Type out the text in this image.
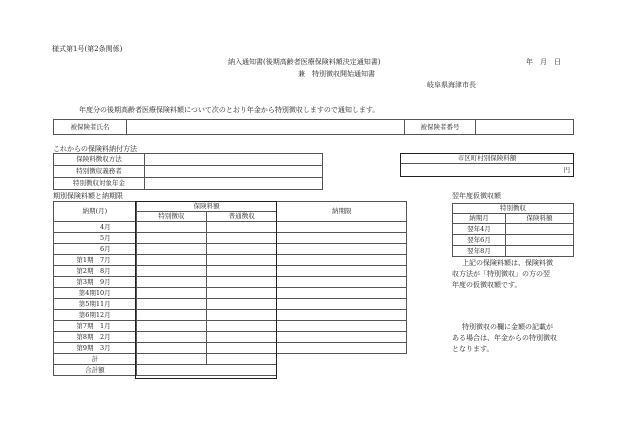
様式第1号(第2条関係)
納入通知書(後期高齢者医療保険料額決定通知書)	年　月　日
兼　特別徴収開始通知書
岐阜県海津市長
年度分の後期高齢者医療保険料額について次のとおり年金から特別徴収しますので通知します。
被保険者氏名		被保険者番号	
これからの保険料納付方法
保険料徴収方法	
特別徴収義務者	
特別徴収対象年金	
市区町村別保険料額
円
期別保険料額と納期限
納期(月)	保険料額		納期限
	特別徴収	普通徴収	
4月			
5月			
6月			
第1期　7月			
第2期　8月			
第3期　9月			
第4期10月			
第5期11月			
第6期12月			
第7期　1月			
第8期　2月			
第9期　3月			
計			
合計額			
翌年度仮徴収額
特別徴収	
納期月	保険料額
翌年4月	
翌年6月	
翌年8月	
上記の保険料額は、保険料徴
収方法が「特別徴収」の方の翌
年度の仮徴収額です。
特別徴収の欄に金額の記載が
ある場合は、年金からの特別徴収
となります。
